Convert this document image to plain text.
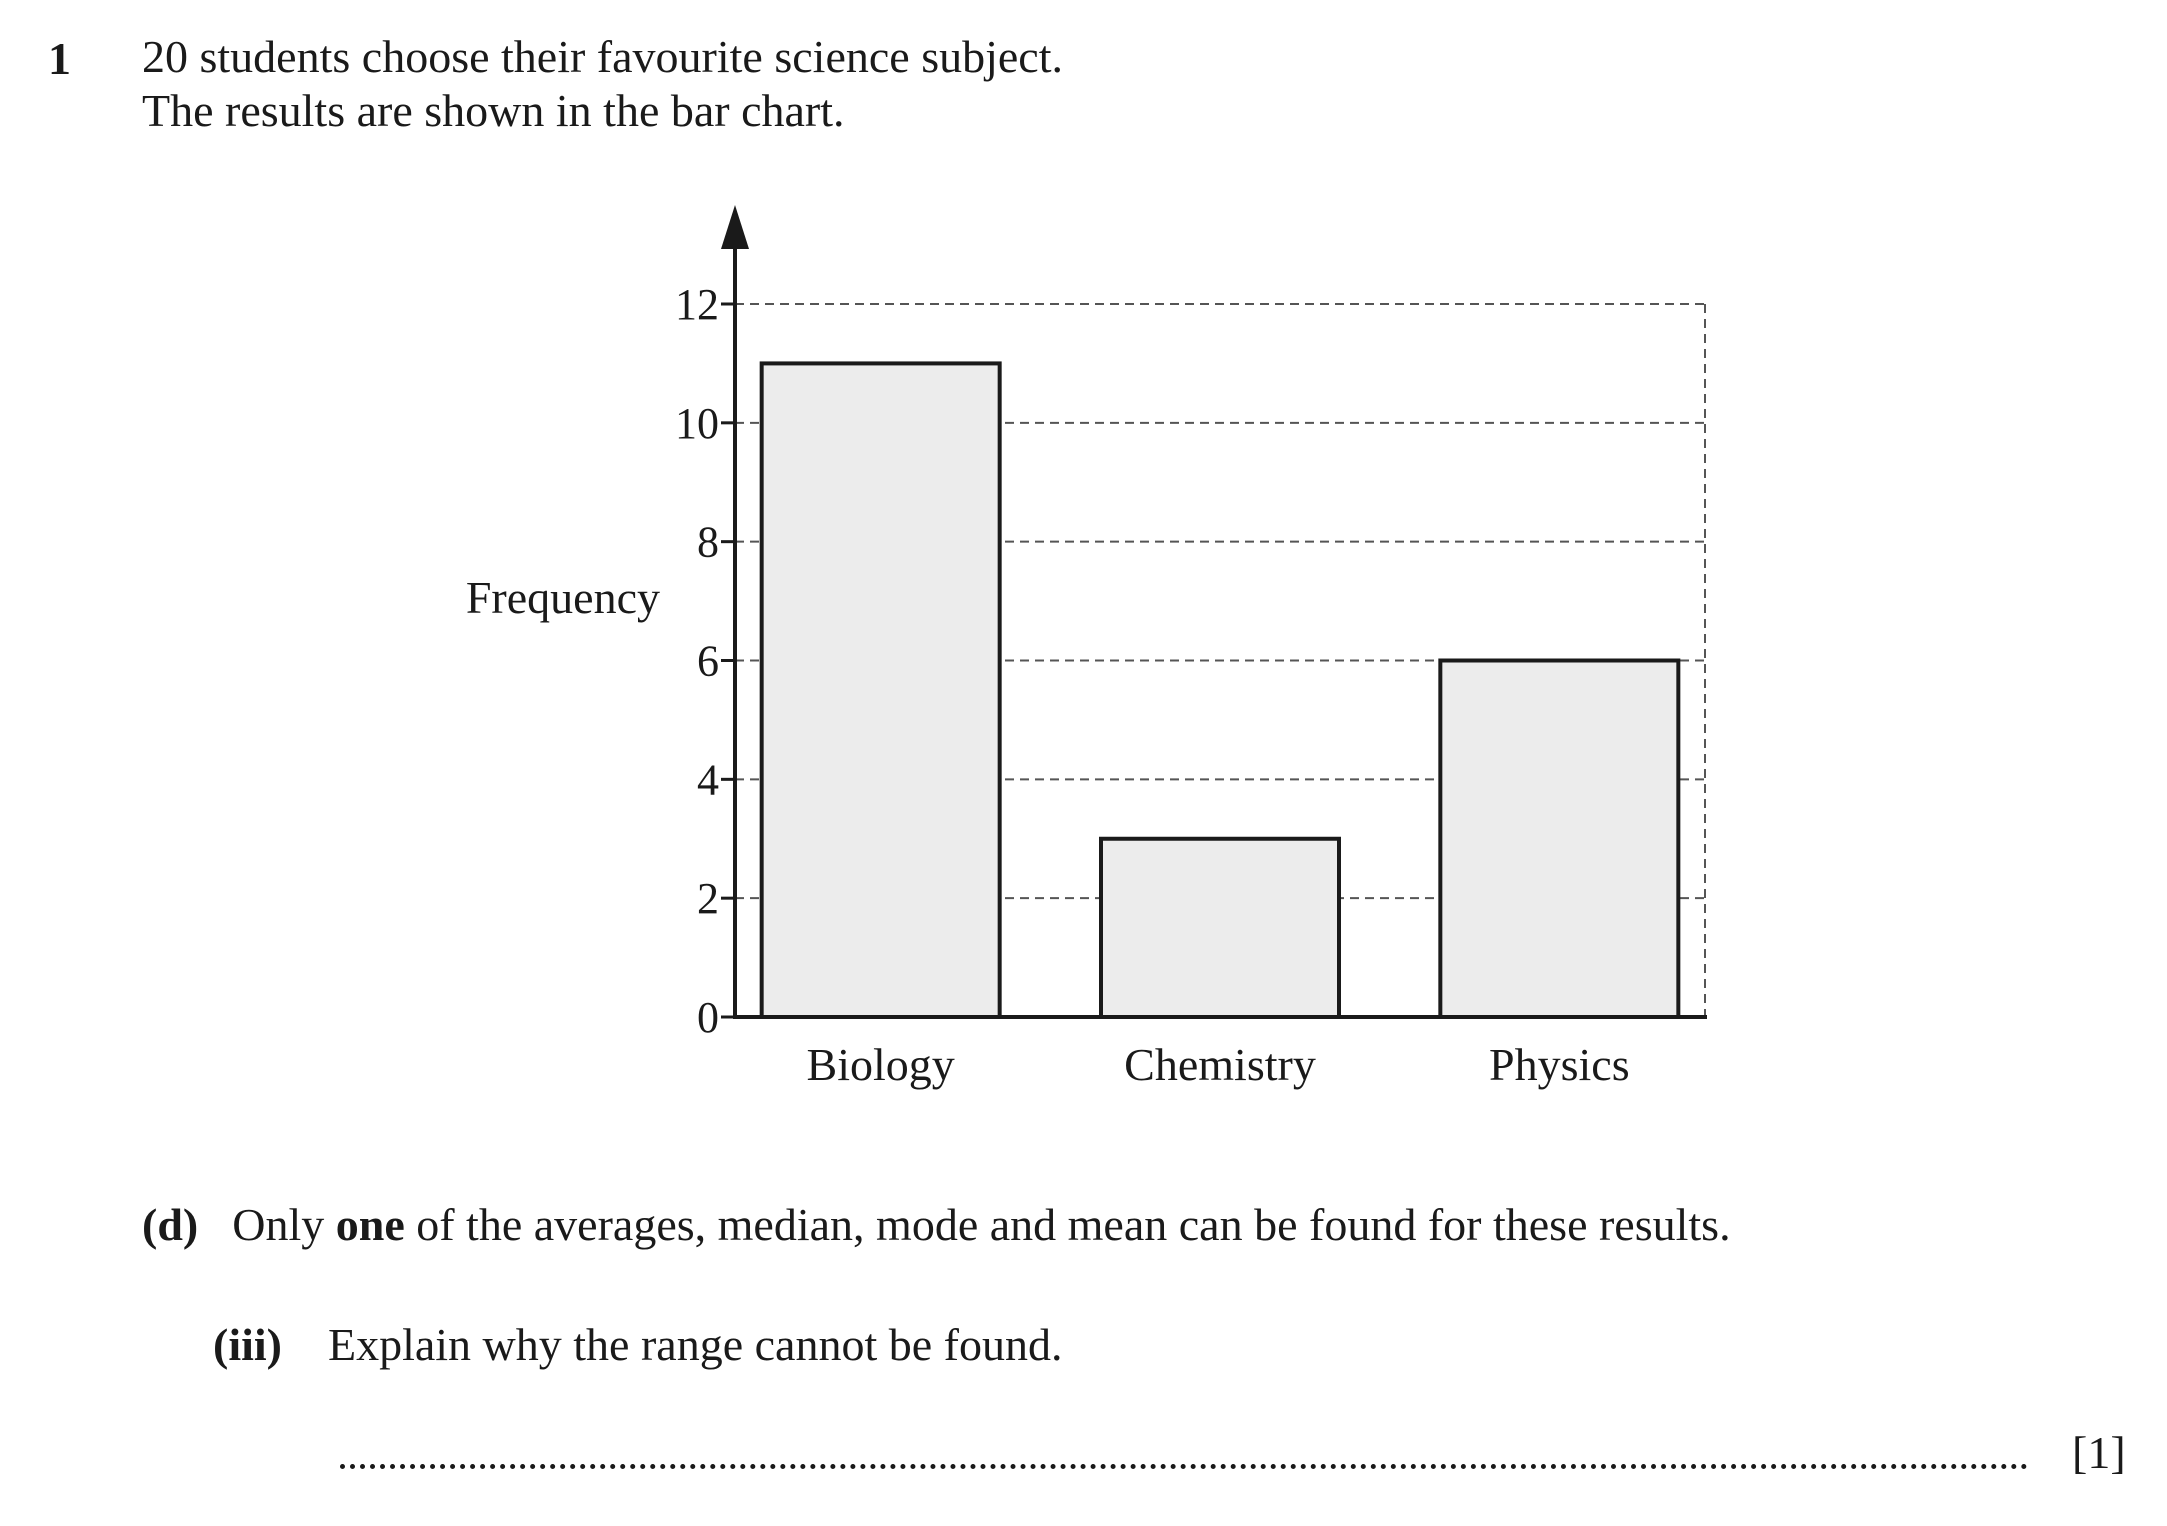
1 20 students choose their favourite science subject.
The results are shown in the bar chart.
0
2
4
6
8
10
12
Biology	Chemistry	Physics
Frequency
(d) Only one of the averages, median, mode and mean can be found for these results.
(iii) Explain why the range cannot be found.
[1]
